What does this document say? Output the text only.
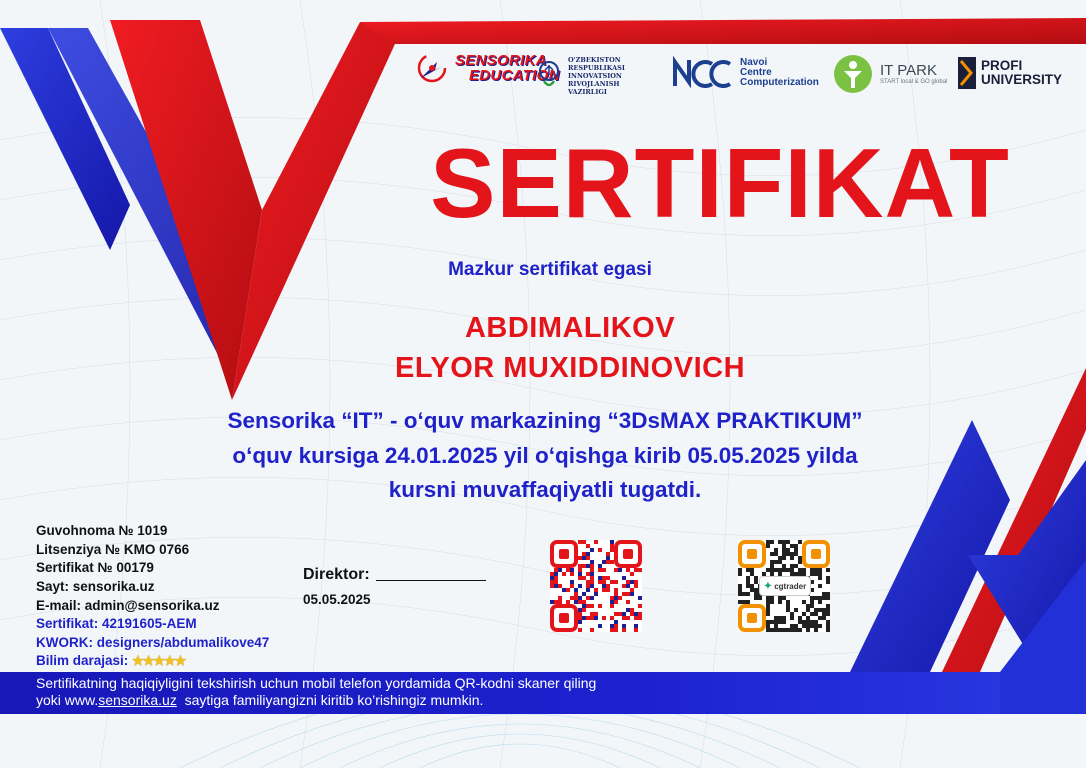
SENSORIKA
EDUCATION
O'ZBEKISTON RESPUBLIKASI
INNOVATSION RIVOJLANISH
VAZIRLIGI
Navoi
Centre
Computerization
IT PARK
START local & GO global
PROFI
UNIVERSITY
SERTIFIKAT
Mazkur sertifikat egasi
ABDIMALIKOV
ELYOR MUXIDDINOVICH
Sensorika “IT” - o‘quv markazining “3DsMAX PRAKTIKUM”
o‘quv kursiga 24.01.2025 yil o‘qishga kirib 05.05.2025 yilda
kursni muvaffaqiyatli tugatdi.
Guvohnoma № 1019
Litsenziya № KMO 0766
Sertifikat № 00179
Sayt: sensorika.uz
E-mail: admin@sensorika.uz
Sertifikat: 42191605-AEM
KWORK: designers/abdumalikove47
Bilim darajasi: ★★★★★
Direktor:
05.05.2025
✦ cgtrader
Sertifikatning haqiqiyligini tekshirish uchun mobil telefon yordamida QR-kodni skaner qiling
yoki www.sensorika.uz  saytiga familiyangizni kiritib ko’rishingiz mumkin.
